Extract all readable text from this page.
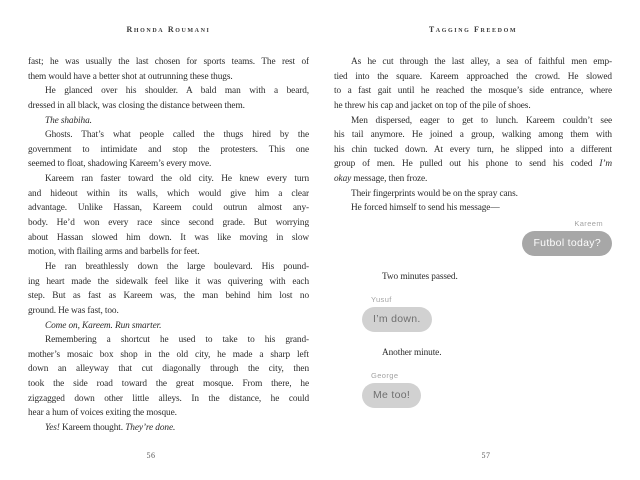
Rhonda Roumani
fast; he was usually the last chosen for sports teams. The rest of
them would have a better shot at outrunning these thugs.
He glanced over his shoulder. A bald man with a beard,
dressed in all black, was closing the distance between them.
The shabiha.
Ghosts. That’s what people called the thugs hired by the
government to intimidate and stop the protesters. This one
seemed to float, shadowing Kareem’s every move.
Kareem ran faster toward the old city. He knew every turn
and hideout within its walls, which would give him a clear
advantage. Unlike Hassan, Kareem could outrun almost any-
body. He’d won every race since second grade. But worrying
about Hassan slowed him down. It was like moving in slow
motion, with flailing arms and barbells for feet.
He ran breathlessly down the large boulevard. His pound-
ing heart made the sidewalk feel like it was quivering with each
step. But as fast as Kareem was, the man behind him lost no
ground. He was fast, too.
Come on, Kareem. Run smarter.
Remembering a shortcut he used to take to his grand-
mother’s mosaic box shop in the old city, he made a sharp left
down an alleyway that cut diagonally through the city, then
took the side road toward the great mosque. From there, he
zigzagged down other little alleys. In the distance, he could
hear a hum of voices exiting the mosque.
Yes! Kareem thought. They’re done.
56
Tagging Freedom
As he cut through the last alley, a sea of faithful men emp-
tied into the square. Kareem approached the crowd. He slowed
to a fast gait until he reached the mosque’s side entrance, where
he threw his cap and jacket on top of the pile of shoes.
Men dispersed, eager to get to lunch. Kareem couldn’t see
his tail anymore. He joined a group, walking among them with
his chin tucked down. At every turn, he slipped into a different
group of men. He pulled out his phone to send his coded I’m
okay message, then froze.
Their fingerprints would be on the spray cans.
He forced himself to send his message—
Kareem
Futbol today?
Two minutes passed.
Yusuf
I’m down.
Another minute.
George
Me too!
57
